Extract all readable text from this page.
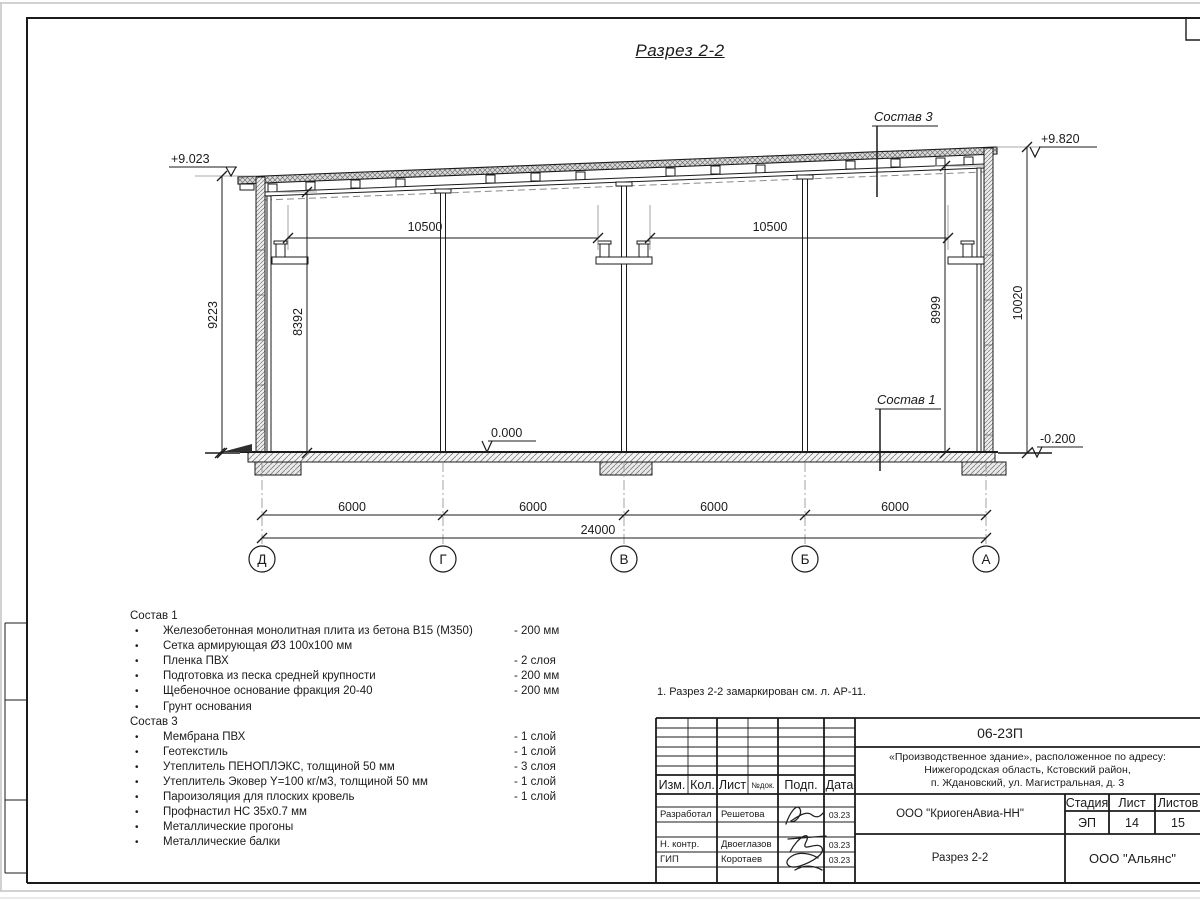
10500	10500
9223	8392	8999	10020
6000	6000	6000	6000
24000
+9.023
+9.820
0.000	-0.200
Состав 3
Состав 1
Д	Г	В	Б	А
Разрез 2-2
1. Разрез 2-2 замаркирован см. л. АР-11.
Состав 1
• Железобетонная монолитная плита из бетона В15 (М350)	- 200 мм
• Сетка армирующая Ø3 100х100 мм
• Пленка ПВХ	- 2 слоя
• Подготовка из песка средней крупности	- 200 мм
• Щебеночное основание фракция 20-40	- 200 мм
• Грунт основания
Состав 3
• Мембрана ПВХ	- 1 слой
• Геотекстиль	- 1 слой
• Утеплитель ПЕНОПЛЭКС, толщиной 50 мм	- 3 слоя
• Утеплитель Эковер Y=100 кг/м3, толщиной 50 мм	- 1 слой
• Пароизоляция для плоских кровель	- 1 слой
• Профнастил НС 35х0.7 мм
• Металлические прогоны
• Металлические балки
06-23П
«Производственное здание», расположенное по адресу:
Нижегородская область, Кстовский район,
п. Ждановский, ул. Магистральная, д. 3
Изм. Кол. Лист №док. Подп. Дата
Разработал Решетова	03.23
Н. контр. Двоеглазов	03.23
ГИП	Коротаев	03.23
ООО "КриогенАвиа-НН"
Разрез 2-2
Стадия Лист Листов
ЭП	14	15
ООО "Альянс"
